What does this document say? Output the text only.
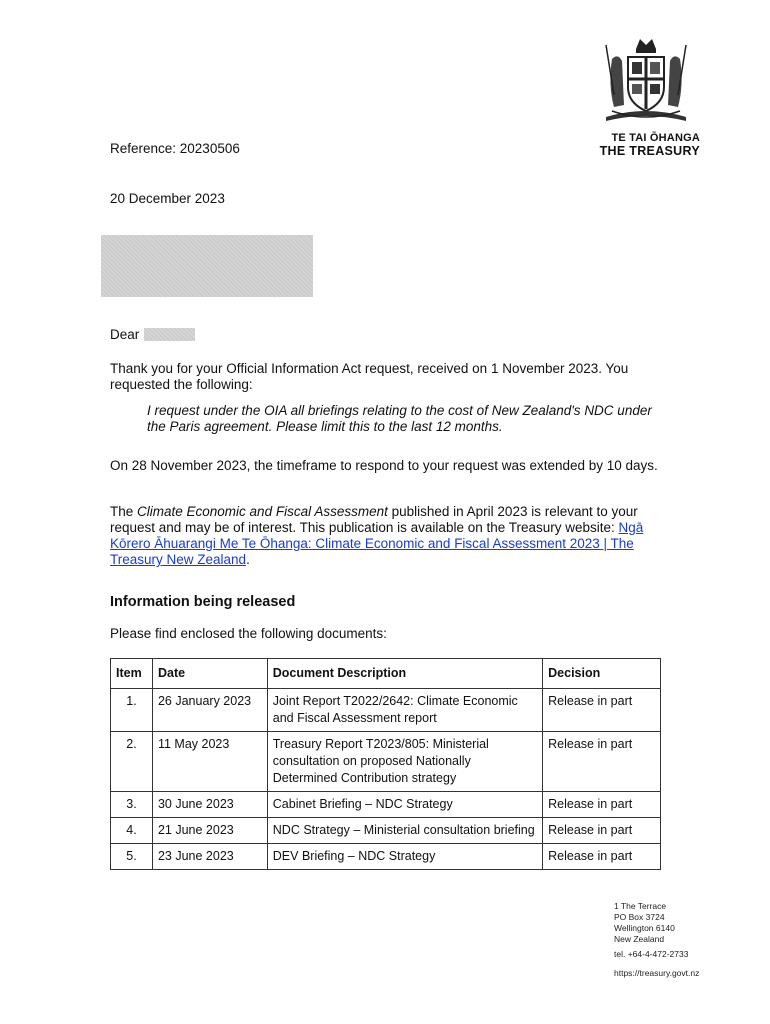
TE TAI ŌHANGA
THE TREASURY
Reference: 20230506
20 December 2023
Dear
Thank you for your Official Information Act request, received on 1 November 2023. You requested the following:
I request under the OIA all briefings relating to the cost of New Zealand's NDC under the Paris agreement. Please limit this to the last 12 months.
On 28 November 2023, the timeframe to respond to your request was extended by 10 days.
The Climate Economic and Fiscal Assessment published in April 2023 is relevant to your request and may be of interest. This publication is available on the Treasury website: Ngā Kōrero Āhuarangi Me Te Ōhanga: Climate Economic and Fiscal Assessment 2023 | The Treasury New Zealand.
Information being released
Please find enclosed the following documents:
Item	Date	Document Description	Decision
1.	26 January 2023	Joint Report T2022/2642: Climate Economic and Fiscal Assessment report	Release in part
2.	11 May 2023	Treasury Report T2023/805: Ministerial consultation on proposed Nationally Determined Contribution strategy	Release in part
3.	30 June 2023	Cabinet Briefing – NDC Strategy	Release in part
4.	21 June 2023	NDC Strategy – Ministerial consultation briefing	Release in part
5.	23 June 2023	DEV Briefing – NDC Strategy	Release in part
1 The Terrace
PO Box 3724
Wellington 6140
New Zealand
tel. +64-4-472-2733
https://treasury.govt.nz
